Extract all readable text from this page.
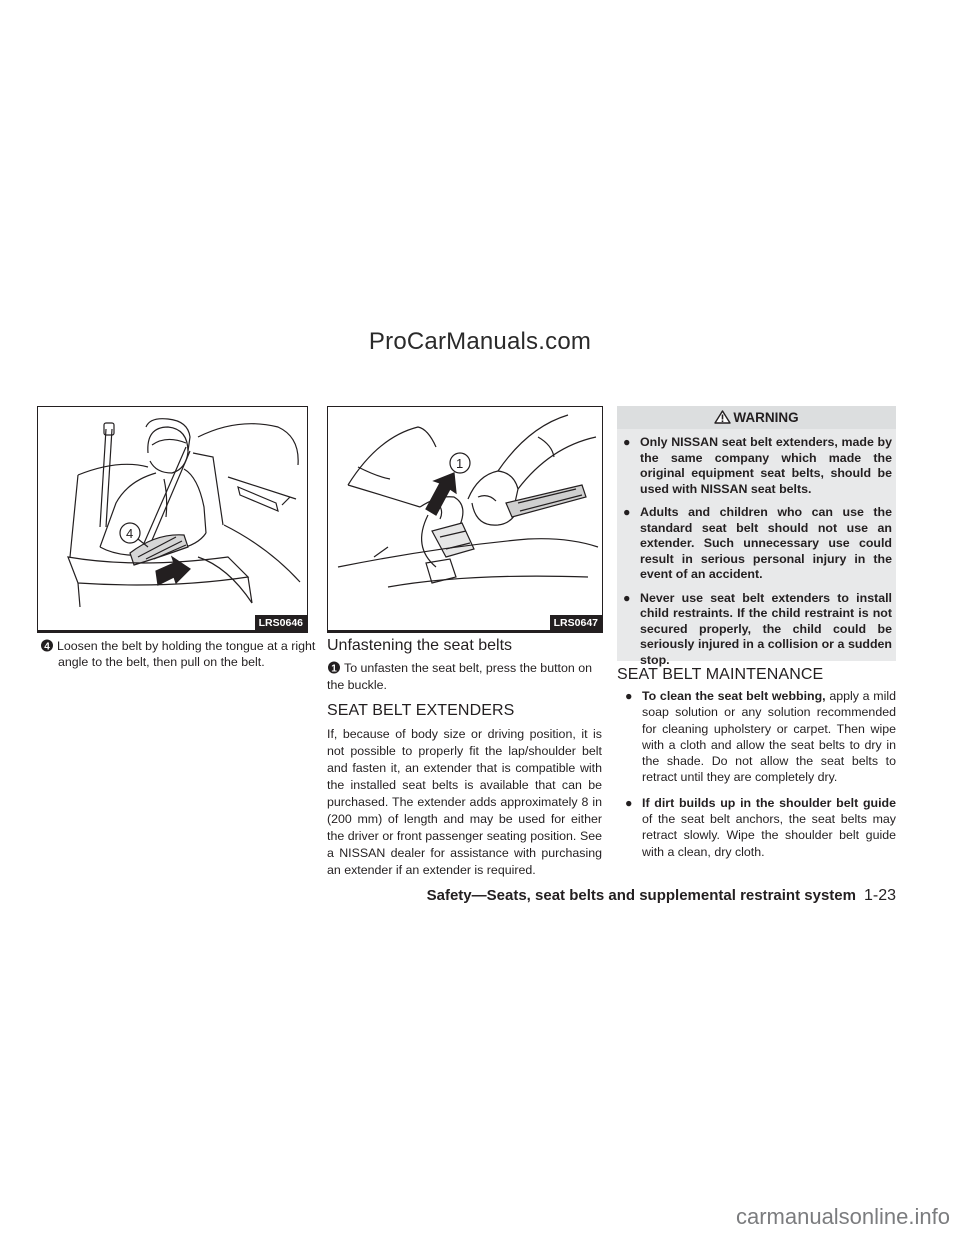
ProCarManuals.com
4
LRS0646
4 Loosen the belt by holding the tongue at a right angle to the belt, then pull on the belt.
1
LRS0647
Unfastening the seat belts
1 To unfasten the seat belt, press the button on the buckle.
SEAT BELT EXTENDERS

If, because of body size or driving position, it is not possible to properly fit the lap/shoulder belt and fasten it, an extender that is compatible with the installed seat belts is available that can be purchased. The extender adds approximately 8 in (200 mm) of length and may be used for either the driver or front passenger seating position. See a NISSAN dealer for assistance with purchasing an extender if an extender is required.

WARNING
● Only NISSAN seat belt extenders, made by the same company which made the original equipment seat belts, should be used with NISSAN seat belts.
● Adults and children who can use the standard seat belt should not use an extender. Such unnecessary use could result in serious personal injury in the event of an accident.
● Never use seat belt extenders to install child restraints. If the child restraint is not secured properly, the child could be seriously injured in a collision or a sudden stop.
SEAT BELT MAINTENANCE
● To clean the seat belt webbing, apply a mild soap solution or any solution recommended for cleaning upholstery or carpet. Then wipe with a cloth and allow the seat belts to dry in the shade. Do not allow the seat belts to retract until they are completely dry.
● If dirt builds up in the shoulder belt guide of the seat belt anchors, the seat belts may retract slowly. Wipe the shoulder belt guide with a clean, dry cloth.
Safety—Seats, seat belts and supplemental restraint system 1-23
carmanualsonline.info
